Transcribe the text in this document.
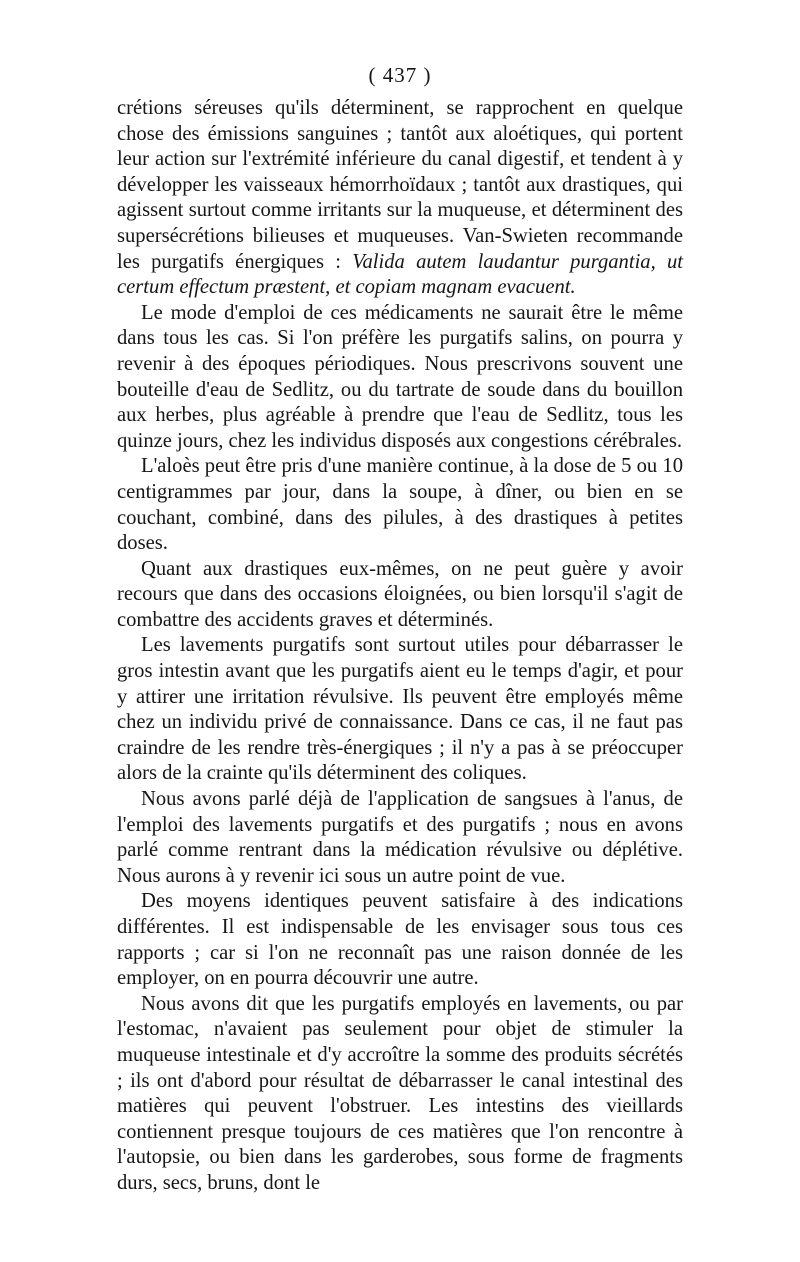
( 437 )

crétions séreuses qu'ils déterminent, se rapprochent en quelque chose des émissions sanguines ; tantôt aux aloétiques, qui portent leur action sur l'extrémité inférieure du canal digestif, et tendent à y développer les vaisseaux hémorrhoïdaux ; tantôt aux drastiques, qui agissent surtout comme irritants sur la muqueuse, et déterminent des supersécrétions bilieuses et muqueuses. Van-Swieten recommande les purgatifs énergiques : Valida autem laudantur purgantia, ut certum effectum præstent, et copiam magnam evacuent.

Le mode d'emploi de ces médicaments ne saurait être le même dans tous les cas. Si l'on préfère les purgatifs salins, on pourra y revenir à des époques périodiques. Nous prescrivons souvent une bouteille d'eau de Sedlitz, ou du tartrate de soude dans du bouillon aux herbes, plus agréable à prendre que l'eau de Sedlitz, tous les quinze jours, chez les individus disposés aux congestions cérébrales.

L'aloès peut être pris d'une manière continue, à la dose de 5 ou 10 centigrammes par jour, dans la soupe, à dîner, ou bien en se couchant, combiné, dans des pilules, à des drastiques à petites doses.

Quant aux drastiques eux-mêmes, on ne peut guère y avoir recours que dans des occasions éloignées, ou bien lorsqu'il s'agit de combattre des accidents graves et déterminés.

Les lavements purgatifs sont surtout utiles pour débarrasser le gros intestin avant que les purgatifs aient eu le temps d'agir, et pour y attirer une irritation révulsive. Ils peuvent être employés même chez un individu privé de connaissance. Dans ce cas, il ne faut pas craindre de les rendre très-énergiques ; il n'y a pas à se préoccuper alors de la crainte qu'ils déterminent des coliques.

Nous avons parlé déjà de l'application de sangsues à l'anus, de l'emploi des lavements purgatifs et des purgatifs ; nous en avons parlé comme rentrant dans la médication révulsive ou déplétive. Nous aurons à y revenir ici sous un autre point de vue.

Des moyens identiques peuvent satisfaire à des indications différentes. Il est indispensable de les envisager sous tous ces rapports ; car si l'on ne reconnaît pas une raison donnée de les employer, on en pourra découvrir une autre.

Nous avons dit que les purgatifs employés en lavements, ou par l'estomac, n'avaient pas seulement pour objet de stimuler la muqueuse intestinale et d'y accroître la somme des produits sécrétés ; ils ont d'abord pour résultat de débarrasser le canal intestinal des matières qui peuvent l'obstruer. Les intestins des vieillards contiennent presque toujours de ces matières que l'on rencontre à l'autopsie, ou bien dans les garderobes, sous forme de fragments durs, secs, bruns, dont le
